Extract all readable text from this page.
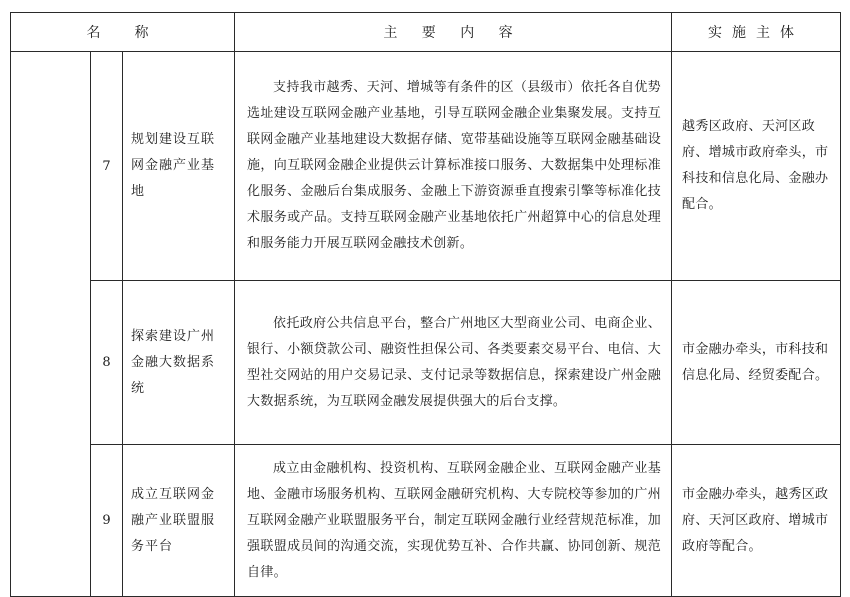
名　称			主 要 内 容	实施主体
	7	规划建设互联网金融产业基地	支持我市越秀、天河、增城等有条件的区（县级市）依托各自优势选址建设互联网金融产业基地，引导互联网金融企业集聚发展。支持互联网金融产业基地建设大数据存储、宽带基础设施等互联网金融基础设施，向互联网金融企业提供云计算标准接口服务、大数据集中处理标准化服务、金融后台集成服务、金融上下游资源垂直搜索引擎等标准化技术服务或产品。支持互联网金融产业基地依托广州超算中心的信息处理和服务能力开展互联网金融技术创新。	越秀区政府、天河区政府、增城市政府牵头，市科技和信息化局、金融办配合。
	8	探索建设广州金融大数据系统	依托政府公共信息平台，整合广州地区大型商业公司、电商企业、银行、小额贷款公司、融资性担保公司、各类要素交易平台、电信、大型社交网站的用户交易记录、支付记录等数据信息，探索建设广州金融大数据系统，为互联网金融发展提供强大的后台支撑。	市金融办牵头，市科技和信息化局、经贸委配合。
	9	成立互联网金融产业联盟服务平台	成立由金融机构、投资机构、互联网金融企业、互联网金融产业基地、金融市场服务机构、互联网金融研究机构、大专院校等参加的广州互联网金融产业联盟服务平台，制定互联网金融行业经营规范标准，加强联盟成员间的沟通交流，实现优势互补、合作共赢、协同创新、规范自律。	市金融办牵头，越秀区政府、天河区政府、增城市政府等配合。
